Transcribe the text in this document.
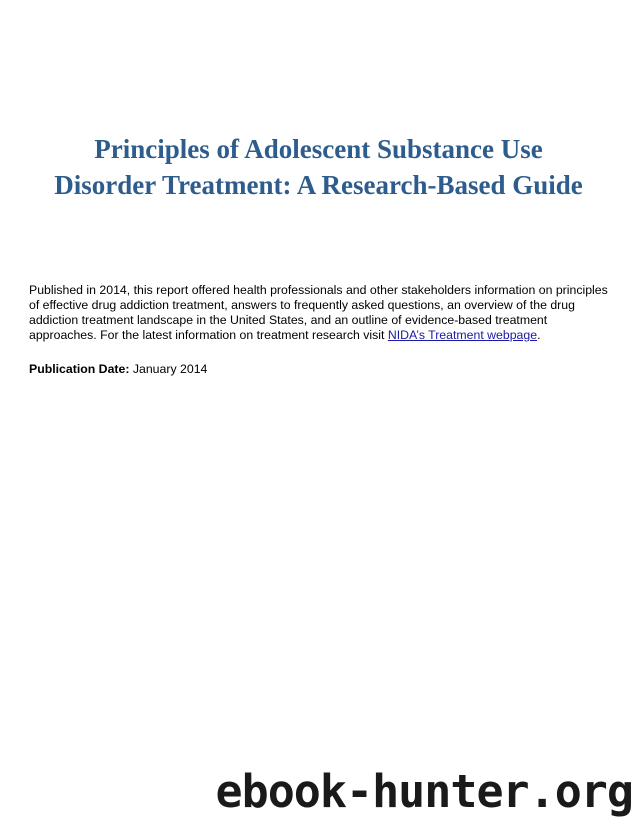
Principles of Adolescent Substance Use
Disorder Treatment: A Research-Based Guide

Published in 2014, this report offered health professionals and other stakeholders information on principles of effective drug addiction treatment, answers to frequently asked questions, an overview of the drug addiction treatment landscape in the United States, and an outline of evidence-based treatment approaches. For the latest information on treatment research visit NIDA’s Treatment webpage.

Publication Date: January 2014

ebook-hunter.org
